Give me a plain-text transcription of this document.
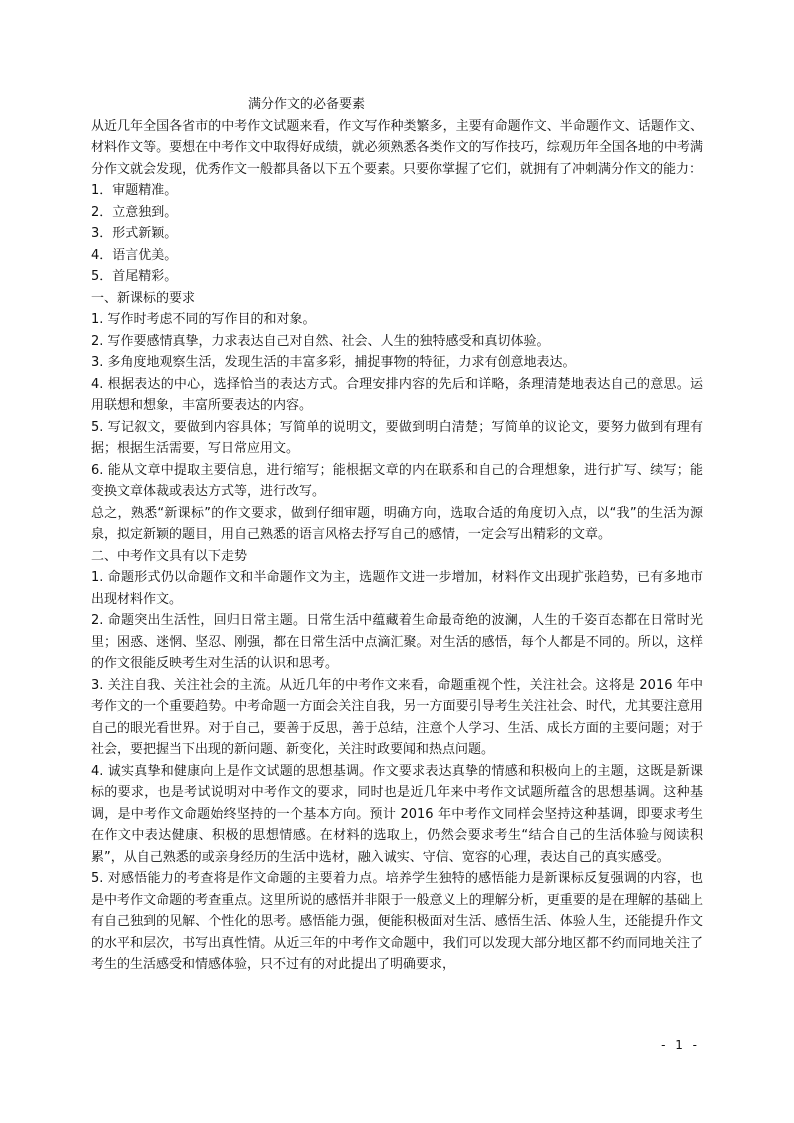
满分作文的必备要素

从近几年全国各省市的中考作文试题来看，作文写作种类繁多，主要有命题作文、半命题作文、话题作文、材料作文等。要想在中考作文中取得好成绩，就必须熟悉各类作文的写作技巧，综观历年全国各地的中考满分作文就会发现，优秀作文一般都具备以下五个要素。只要你掌握了它们，就拥有了冲刺满分作文的能力：

1．审题精准。

2．立意独到。

3．形式新颖。

4．语言优美。

5．首尾精彩。

一、新课标的要求

1. 写作时考虑不同的写作目的和对象。

2. 写作要感情真挚，力求表达自己对自然、社会、人生的独特感受和真切体验。

3. 多角度地观察生活，发现生活的丰富多彩，捕捉事物的特征，力求有创意地表达。

4. 根据表达的中心，选择恰当的表达方式。合理安排内容的先后和详略，条理清楚地表达自己的意思。运用联想和想象，丰富所要表达的内容。

5. 写记叙文，要做到内容具体；写简单的说明文，要做到明白清楚；写简单的议论文，要努力做到有理有据；根据生活需要，写日常应用文。

6. 能从文章中提取主要信息，进行缩写；能根据文章的内在联系和自己的合理想象，进行扩写、续写；能变换文章体裁或表达方式等，进行改写。

总之，熟悉“新课标”的作文要求，做到仔细审题，明确方向，选取合适的角度切入点，以“我”的生活为源泉，拟定新颖的题目，用自己熟悉的语言风格去抒写自己的感情，一定会写出精彩的文章。

二、中考作文具有以下走势

1. 命题形式仍以命题作文和半命题作文为主，选题作文进一步增加，材料作文出现扩张趋势，已有多地市出现材料作文。

2. 命题突出生活性，回归日常主题。日常生活中蕴藏着生命最奇绝的波澜，人生的千姿百态都在日常时光里；困惑、迷惘、坚忍、刚强，都在日常生活中点滴汇聚。对生活的感悟，每个人都是不同的。所以，这样的作文很能反映考生对生活的认识和思考。

3. 关注自我、关注社会的主流。从近几年的中考作文来看，命题重视个性，关注社会。这将是 2016 年中考作文的一个重要趋势。中考命题一方面会关注自我，另一方面要引导考生关注社会、时代，尤其要注意用自己的眼光看世界。对于自己，要善于反思，善于总结，注意个人学习、生活、成长方面的主要问题；对于社会，要把握当下出现的新问题、新变化，关注时政要闻和热点问题。

4. 诚实真挚和健康向上是作文试题的思想基调。作文要求表达真挚的情感和积极向上的主题，这既是新课标的要求，也是考试说明对中考作文的要求，同时也是近几年来中考作文试题所蕴含的思想基调。这种基调，是中考作文命题始终坚持的一个基本方向。预计 2016 年中考作文同样会坚持这种基调，即要求考生在作文中表达健康、积极的思想情感。在材料的选取上，仍然会要求考生“结合自己的生活体验与阅读积累”，从自己熟悉的或亲身经历的生活中选材，融入诚实、守信、宽容的心理，表达自己的真实感受。

5. 对感悟能力的考查将是作文命题的主要着力点。培养学生独特的感悟能力是新课标反复强调的内容，也是中考作文命题的考查重点。这里所说的感悟并非限于一般意义上的理解分析，更重要的是在理解的基础上有自己独到的见解、个性化的思考。感悟能力强，便能积极面对生活、感悟生活、体验人生，还能提升作文的水平和层次，书写出真性情。从近三年的中考作文命题中，我们可以发现大部分地区都不约而同地关注了考生的生活感受和情感体验，只不过有的对此提出了明确要求，

- 1 -
